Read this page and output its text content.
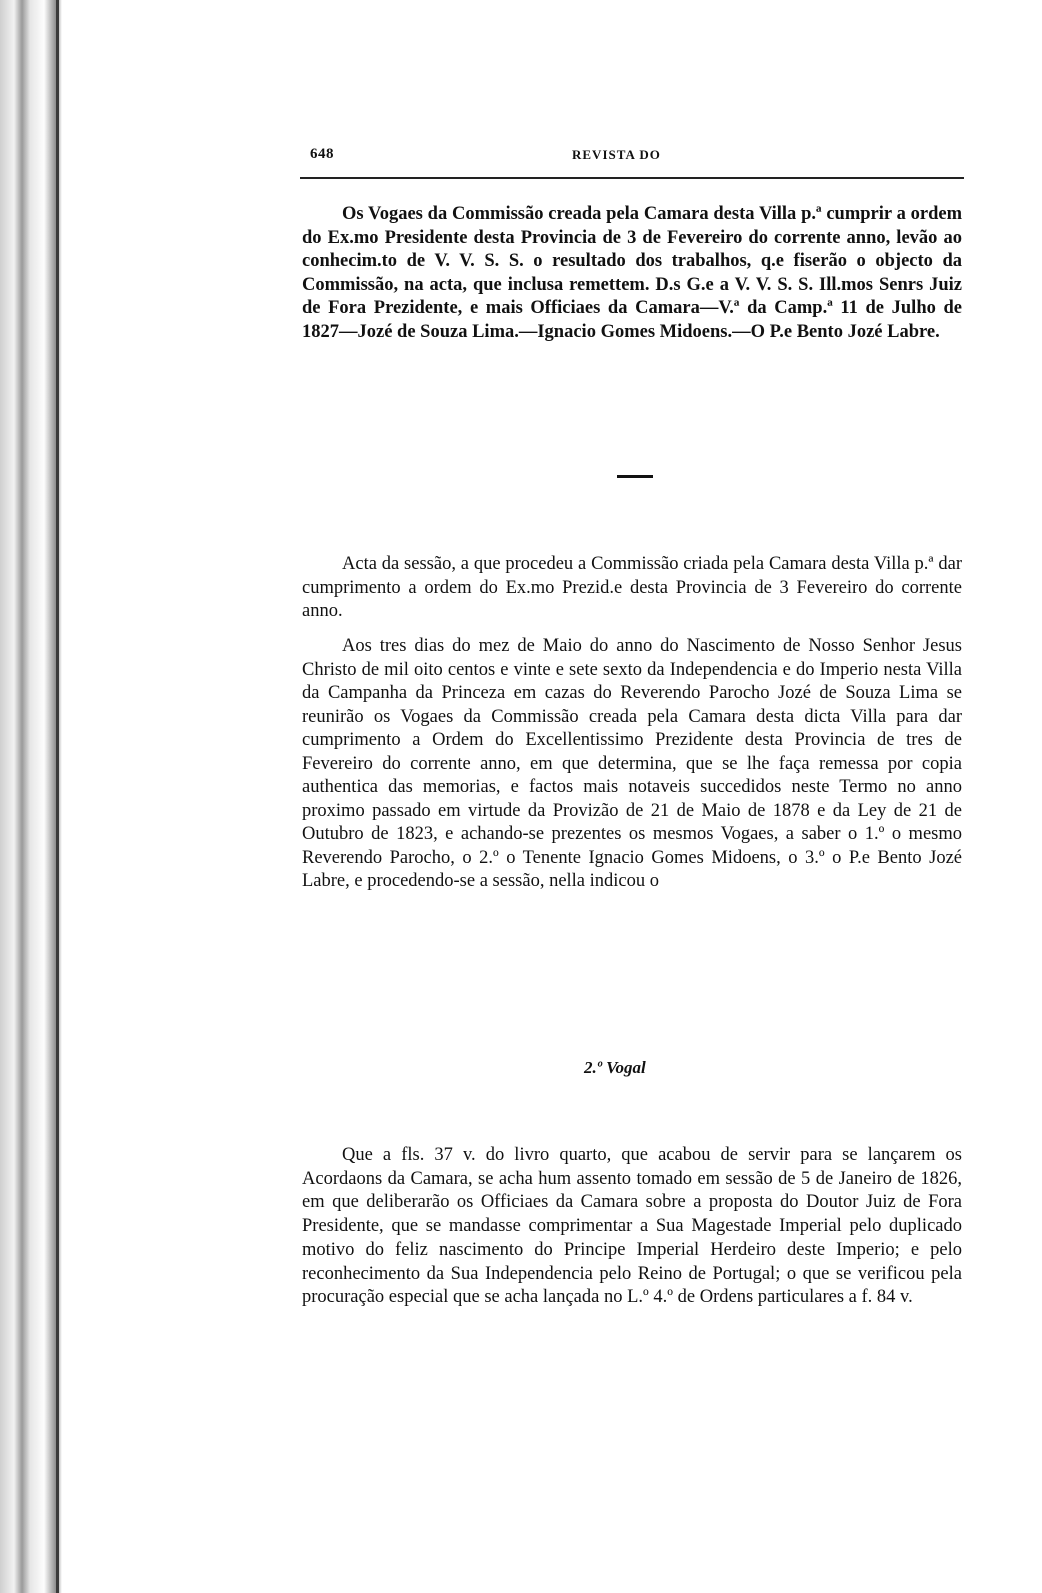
648	REVISTA DO

Os Vogaes da Commissão creada pela Camara desta Villa p.ª cumprir a ordem do Ex.mo Presidente desta Provincia de 3 de Fevereiro do corrente anno, levão ao conhecim.to de V. V. S. S. o resultado dos trabalhos, q.e fiserão o objecto da Commissão, na acta, que inclusa remettem. D.s G.e a V. V. S. S. Ill.mos Senrs Juiz de Fora Prezidente, e mais Officiaes da Camara—V.ª da Camp.ª 11 de Julho de 1827—Jozé de Souza Lima.—Ignacio Gomes Midoens.—O P.e Bento Jozé Labre.

Acta da sessão, a que procedeu a Commissão criada pela Camara desta Villa p.ª dar cumprimento a ordem do Ex.mo Prezid.e desta Provincia de 3 Fevereiro do corrente anno.

Aos tres dias do mez de Maio do anno do Nascimento de Nosso Senhor Jesus Christo de mil oito centos e vinte e sete sexto da Independencia e do Imperio nesta Villa da Campanha da Princeza em cazas do Reverendo Parocho Jozé de Souza Lima se reunirão os Vogaes da Commissão creada pela Camara desta dicta Villa para dar cumprimento a Ordem do Excellentissimo Prezidente desta Provincia de tres de Fevereiro do corrente anno, em que determina, que se lhe faça remessa por copia authentica das memorias, e factos mais notaveis succedidos neste Termo no anno proximo passado em virtude da Provizão de 21 de Maio de 1878 e da Ley de 21 de Outubro de 1823, e achando-se prezentes os mesmos Vogaes, a saber o 1.º o mesmo Reverendo Parocho, o 2.º o Tenente Ignacio Gomes Midoens, o 3.º o P.e Bento Jozé Labre, e procedendo-se a sessão, nella indicou o

2.º Vogal

Que a fls. 37 v. do livro quarto, que acabou de servir para se lançarem os Acordaons da Camara, se acha hum assento tomado em sessão de 5 de Janeiro de 1826, em que deliberarão os Officiaes da Camara sobre a proposta do Doutor Juiz de Fora Presidente, que se mandasse comprimentar a Sua Magestade Imperial pelo duplicado motivo do feliz nascimento do Principe Imperial Herdeiro deste Imperio; e pelo reconhecimento da Sua Independencia pelo Reino de Portugal; o que se verificou pela procuração especial que se acha lançada no L.º 4.º de Ordens particulares a f. 84 v.
